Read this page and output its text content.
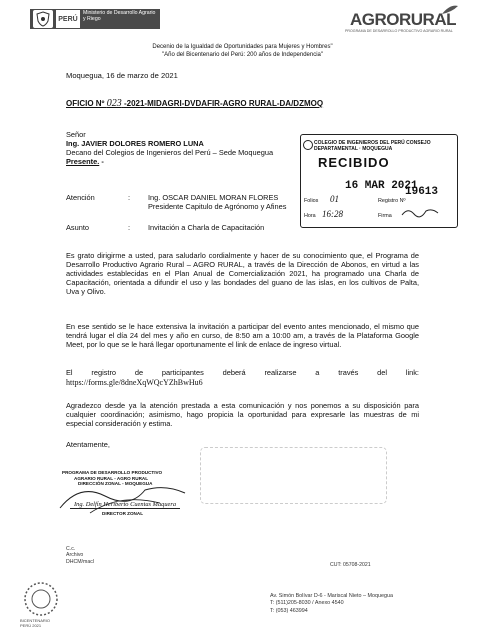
PERÚ
Ministerio de Desarrollo Agrario y Riego	AGRORURAL
PROGRAMA DE DESARROLLO PRODUCTIVO AGRARIO RURAL
Decenio de la Igualdad de Oportunidades para Mujeres y Hombres"
"Año del Bicentenario del Perú: 200 años de Independencia"
Moquegua, 16 de marzo de 2021
OFICIO Nº 023 -2021-MIDAGRI-DVDAFIR-AGRO RURAL-DA/DZMOQ
Señor
Ing. JAVIER DOLORES ROMERO LUNA
Decano del Colegios de Ingenieros del Perú – Sede Moquegua
Presente. -
Atención	: Ing. OSCAR DANIEL MORAN FLORES
Presidente Capitulo de Agrónomo y Afines
Asunto	: Invitación a Charla de Capacitación
Es grato dirigirme a usted, para saludarlo cordialmente y hacer de su conocimiento que, el Programa de Desarrollo Productivo Agrario Rural – AGRO RURAL, a través de la Dirección de Abonos, en virtud a las actividades establecidas en el Plan Anual de Comercialización 2021, ha programado una Charla de Capacitación, orientada a difundir el uso y las bondades del guano de las islas, en los cultivos de Palta, Uva y Olivo.
En ese sentido se le hace extensiva la invitación a participar del evento antes mencionado, el mismo que tendrá lugar el día 24 del mes y año en curso, de 8:50 am a 10:00 am, a través de la Plataforma Google Meet, por lo que se le hará llegar oportunamente el link de enlace de ingreso virtual.
El registro de participantes deberá realizarse a través del link:
https://forms.gle/8dneXqWQcYZhBwHu6
Agradezco desde ya la atención prestada a esta comunicación y nos ponemos a su disposición para cualquier coordinación; asimismo, hago propicia la oportunidad para expresarle las muestras de mi especial consideración y estima.
Atentamente,
COLEGIO DE INGENIEROS DEL PERÚ CONSEJO DEPARTAMENTAL · MOQUEGUA
RECIBIDO
16 MAR 2021
19613
Folios 01	Registro Nº
Hora 16:28	Firma
PROGRAMA DE DESARROLLO PRODUCTIVO
AGRARIO RURAL - AGRO RURAL
DIRECCIÓN ZONAL - MOQUEGUA
Ing. Delfín Heriberto Cuentas Maquera
DIRECTOR ZONAL
C.c.
Archivo
DHCM/macl
CUT: 05708-2021
BICENTENARIO
PERÚ 2021
Av. Simón Bolívar D-6 - Mariscal Nieto – Moquegua
T: (511)205-8030 / Anexo 4540
T: (053) 463994
